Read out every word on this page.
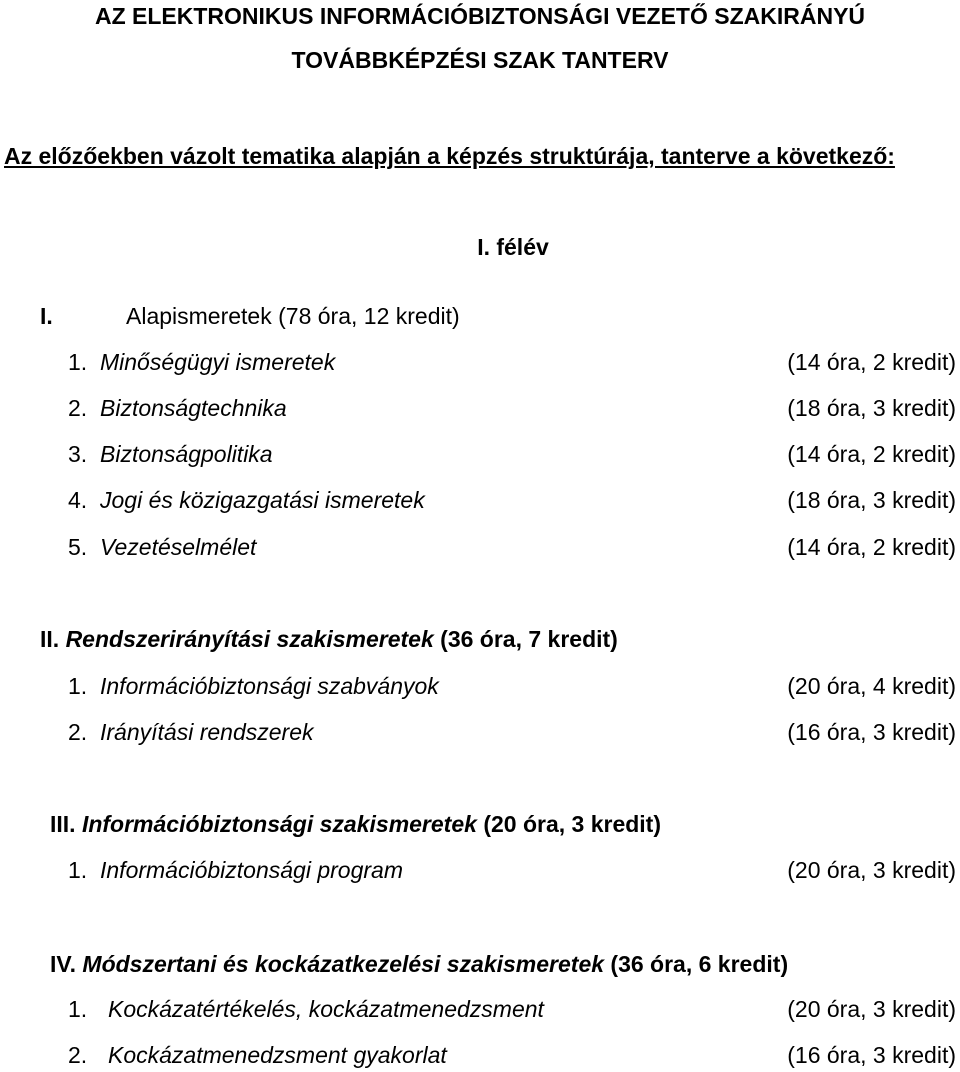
AZ ELEKTRONIKUS INFORMÁCIÓBIZTONSÁGI VEZETŐ SZAKIRÁNYÚ
TOVÁBBKÉPZÉSI SZAK TANTERV
Az előzőekben vázolt tematika alapján a képzés struktúrája, tanterve a következő:
I. félév
I.	Alapismeretek (78 óra, 12 kredit)
1. Minőségügyi ismeretek	(14 óra, 2 kredit)
2. Biztonságtechnika	(18 óra, 3 kredit)
3. Biztonságpolitika	(14 óra, 2 kredit)
4. Jogi és közigazgatási ismeretek	(18 óra, 3 kredit)
5. Vezetéselmélet	(14 óra, 2 kredit)
II. Rendszerirányítási szakismeretek (36 óra, 7 kredit)
1. Információbiztonsági szabványok	(20 óra, 4 kredit)
2. Irányítási rendszerek	(16 óra, 3 kredit)
III. Információbiztonsági szakismeretek (20 óra, 3 kredit)
1. Információbiztonsági program	(20 óra, 3 kredit)
IV. Módszertani és kockázatkezelési szakismeretek (36 óra, 6 kredit)
1. Kockázatértékelés, kockázatmenedzsment	(20 óra, 3 kredit)
2. Kockázatmenedzsment gyakorlat	(16 óra, 3 kredit)
